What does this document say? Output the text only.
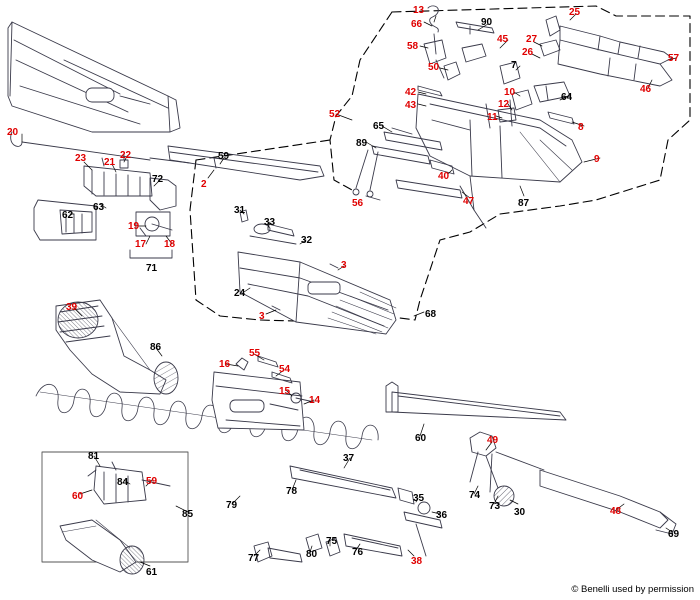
13
66	90
25
58
45 27
26
57
50	7
46
42	10
43	12
64
11
8
52
65
89
9
40
56	47	87
20
59
23 21
22
72	2
63
62
19
31
33
17 18	32
71	3
24
3	68
39
86
16
55
54
15
14
60	49
81
84 59
60
37
78
79
35
36
74
73
30
85	48
69
77	80
75
76
38
61
© Benelli used by permission
